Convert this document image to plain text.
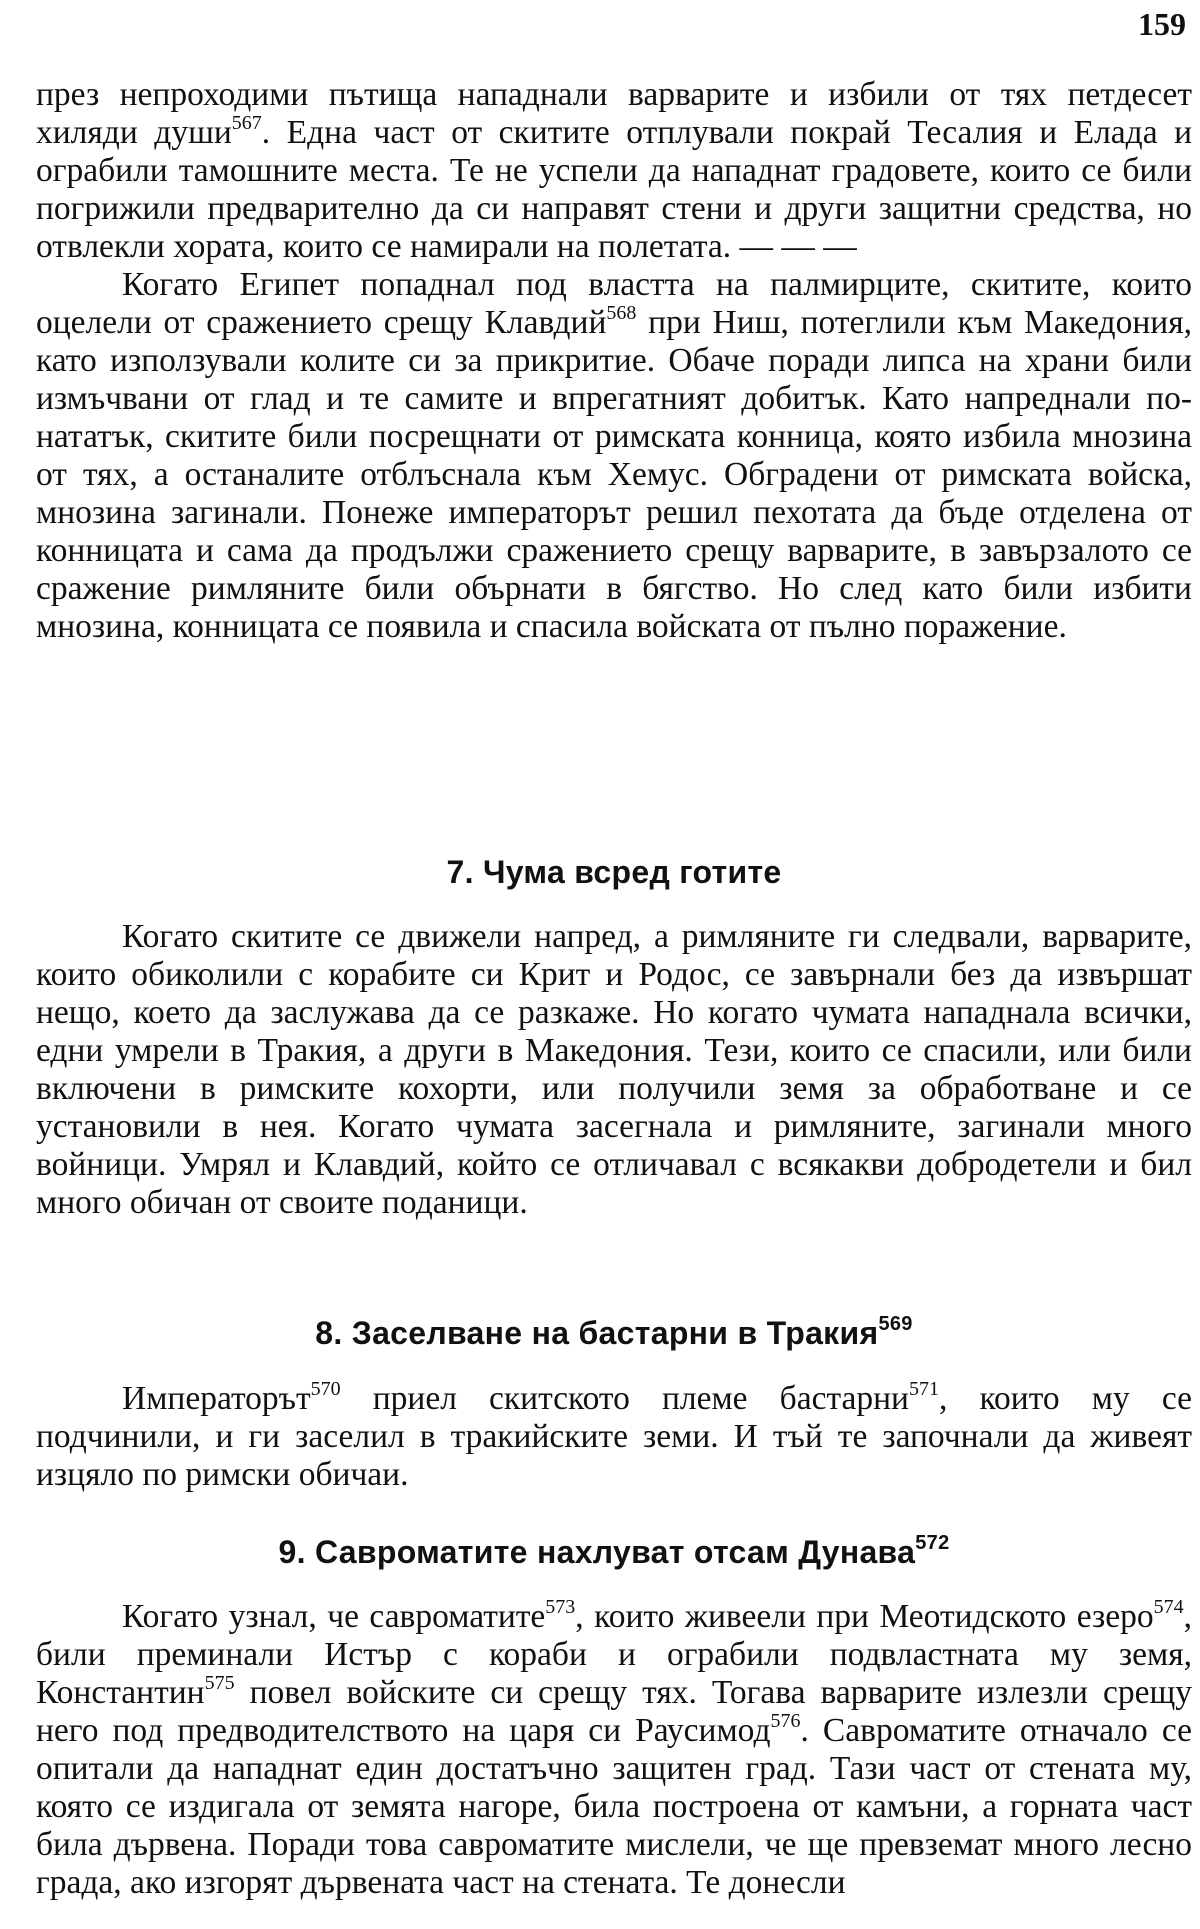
159

през непроходими пътища нападнали варварите и избили от тях петдесет хиляди души$^{567}$. Една част от скитите отплували покрай Тесалия и Елада и ограбили тамошните места. Те не успели да нападнат градовете, които се били погрижили предварително да си направят стени и други защитни средства, но отвлекли хората, които се намирали на полетата. — — —

Когато Египет попаднал под властта на палмирците, скитите, които оцелели от сражението срещу Клавдий$^{568}$ при Ниш, потеглили към Македония, като използували колите си за прикритие. Обаче поради липса на храни били измъчвани от глад и те самите и впрегатният добитък. Като напреднали по-нататък, скитите били посрещнати от римската конница, която избила мнозина от тях, а останалите отблъснала към Хемус. Обградени от римската войска, мнозина загинали. Понеже императорът решил пехотата да бъде отделена от конницата и сама да продължи сражението срещу варварите, в завързалото се сражение римляните били обърнати в бягство. Но след като били избити мнозина, конницата се появила и спасила войската от пълно поражение.

7. Чума всред готите

Когато скитите се движели напред, а римляните ги следвали, варварите, които обиколили с корабите си Крит и Родос, се завърнали без да извършат нещо, което да заслужава да се разкаже. Но когато чумата нападнала всички, едни умрели в Тракия, а други в Македония. Тези, които се спасили, или били включени в римските кохорти, или получили земя за обработване и се установили в нея. Когато чумата засегнала и римляните, загинали много войници. Умрял и Клавдий, който се отличавал с всякакви добродетели и бил много обичан от своите поданици.

8. Заселване на бастарни в Тракия$^{569}$

Императорът$^{570}$ приел скитското племе бастарни$^{571}$, които му се подчинили, и ги заселил в тракийските земи. И тъй те започнали да живеят изцяло по римски обичаи.

9. Савроматите нахлуват отсам Дунава$^{572}$

Когато узнал, че савроматите$^{573}$, които живеели при Меотидското езеро$^{574}$, били преминали Истър с кораби и ограбили подвластната му земя, Константин$^{575}$ повел войските си срещу тях. Тогава варварите излезли срещу него под предводителството на царя си Раусимод$^{576}$. Савроматите отначало се опитали да нападнат един достатъчно защитен град. Тази част от стената му, която се издигала от земята нагоре, била построена от камъни, а горната част била дървена. Поради това савроматите мислели, че ще превземат много лесно града, ако изгорят дървената част на стената. Те донесли
